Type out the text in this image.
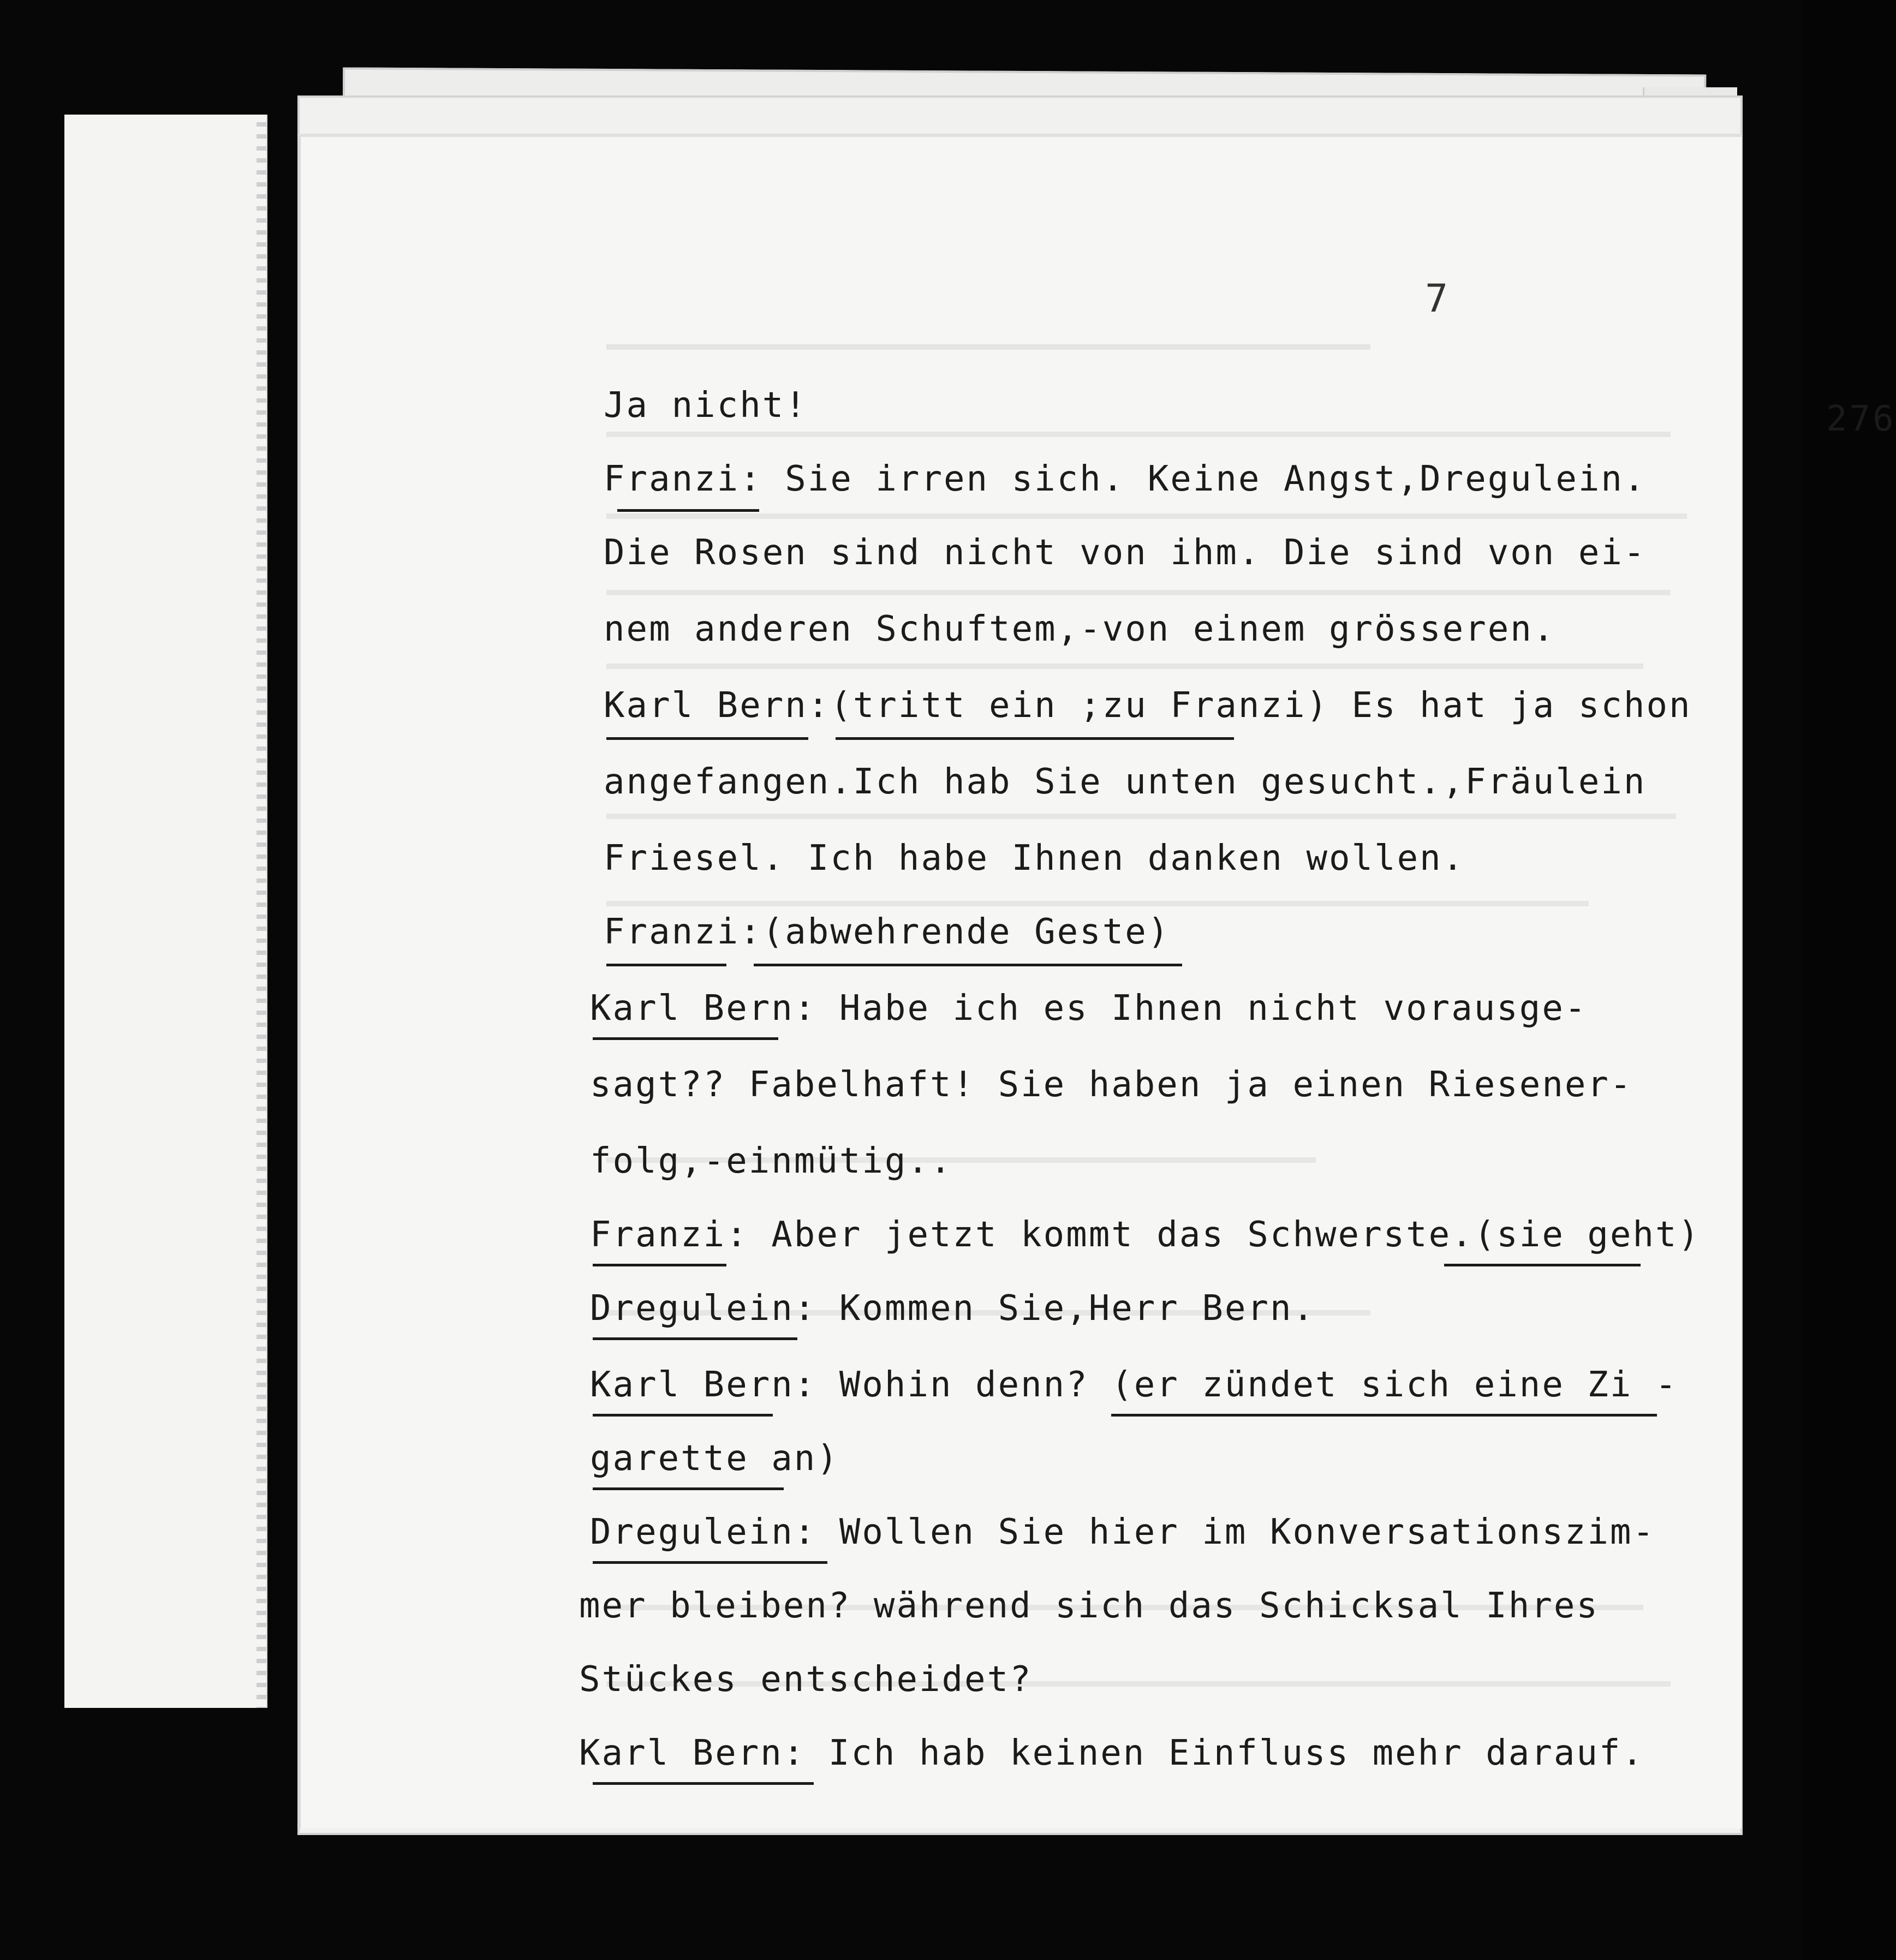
7
276
Ja nicht!
Franzi: Sie irren sich. Keine Angst,Dregulein.
Die Rosen sind nicht von ihm. Die sind von ei-
nem anderen Schuftem,-von einem grösseren.
Karl Bern:(tritt ein ;zu Franzi) Es hat ja schon
angefangen.Ich hab Sie unten gesucht.,Fräulein
Friesel. Ich habe Ihnen danken wollen.
Franzi:(abwehrende Geste)
Karl Bern: Habe ich es Ihnen nicht vorausge-
sagt?? Fabelhaft! Sie haben ja einen Riesener-
folg,-einmütig..
Franzi: Aber jetzt kommt das Schwerste.(sie geht)
Dregulein: Kommen Sie,Herr Bern.
Karl Bern: Wohin denn? (er zündet sich eine Zi -
garette an)
Dregulein: Wollen Sie hier im Konversationszim-
mer bleiben? während sich das Schicksal Ihres
Stückes entscheidet?
Karl Bern: Ich hab keinen Einfluss mehr darauf.
